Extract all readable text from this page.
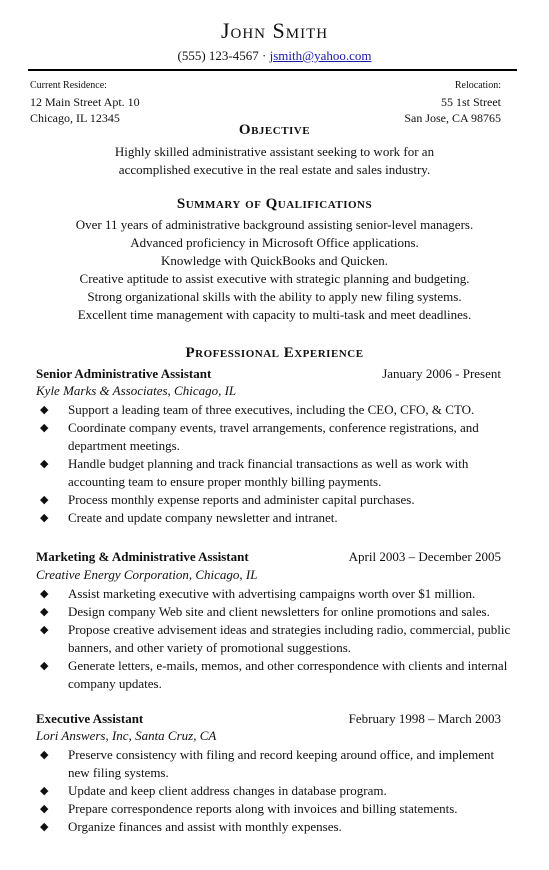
John Smith
(555) 123-4567 · jsmith@yahoo.com
Current Residence:
12 Main Street Apt. 10
Chicago, IL 12345
Relocation:
55 1st Street
San Jose, CA 98765
Objective
Highly skilled administrative assistant seeking to work for an
accomplished executive in the real estate and sales industry.
Summary of Qualifications
Over 11 years of administrative background assisting senior-level managers.
Advanced proficiency in Microsoft Office applications.
Knowledge with QuickBooks and Quicken.
Creative aptitude to assist executive with strategic planning and budgeting.
Strong organizational skills with the ability to apply new filing systems.
Excellent time management with capacity to multi-task and meet deadlines.
Professional Experience
Senior Administrative Assistant	January 2006 - Present
Kyle Marks & Associates, Chicago, IL
◆ Support a leading team of three executives, including the CEO, CFO, & CTO.
◆ Coordinate company events, travel arrangements, conference registrations, and department meetings.
◆ Handle budget planning and track financial transactions as well as work with accounting team to ensure proper monthly billing payments.
◆ Process monthly expense reports and administer capital purchases.
◆ Create and update company newsletter and intranet.
Marketing & Administrative Assistant	April 2003 – December 2005
Creative Energy Corporation, Chicago, IL
◆ Assist marketing executive with advertising campaigns worth over $1 million.
◆ Design company Web site and client newsletters for online promotions and sales.
◆ Propose creative advisement ideas and strategies including radio, commercial, public banners, and other variety of promotional suggestions.
◆ Generate letters, e-mails, memos, and other correspondence with clients and internal company updates.
Executive Assistant	February 1998 – March 2003
Lori Answers, Inc, Santa Cruz, CA
◆ Preserve consistency with filing and record keeping around office, and implement new filing systems.
◆ Update and keep client address changes in database program.
◆ Prepare correspondence reports along with invoices and billing statements.
◆ Organize finances and assist with monthly expenses.
